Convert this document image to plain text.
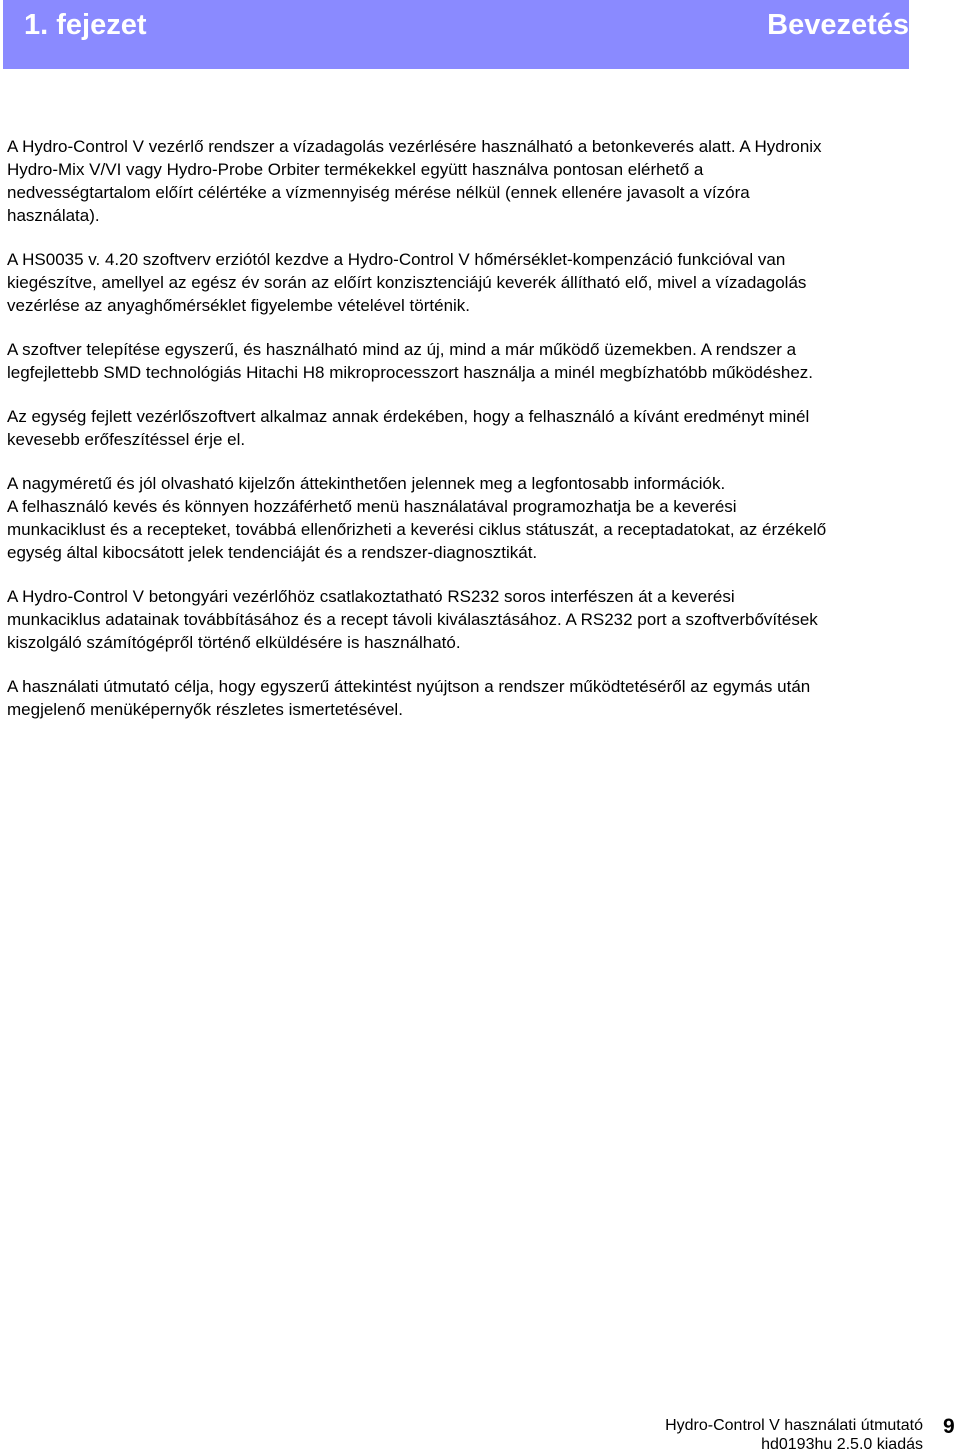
1. fejezet	Bevezetés

A Hydro-Control V vezérlő rendszer a vízadagolás vezérlésére használható a betonkeverés alatt. A Hydronix
Hydro-Mix V/VI vagy Hydro-Probe Orbiter termékekkel együtt használva pontosan elérhető a
nedvességtartalom előírt célértéke a vízmennyiség mérése nélkül (ennek ellenére javasolt a vízóra
használata).

A HS0035 v. 4.20 szoftverv erziótól kezdve a Hydro-Control V hőmérséklet-kompenzáció funkcióval van
kiegészítve, amellyel az egész év során az előírt konzisztenciájú keverék állítható elő, mivel a vízadagolás
vezérlése az anyaghőmérséklet figyelembe vételével történik.

A szoftver telepítése egyszerű, és használható mind az új, mind a már működő üzemekben. A rendszer a
legfejlettebb SMD technológiás Hitachi H8 mikroprocesszort használja a minél megbízhatóbb működéshez.

Az egység fejlett vezérlőszoftvert alkalmaz annak érdekében, hogy a felhasználó a kívánt eredményt minél
kevesebb erőfeszítéssel érje el.

A nagyméretű és jól olvasható kijelzőn áttekinthetően jelennek meg a legfontosabb információk.

A felhasználó kevés és könnyen hozzáférhető menü használatával programozhatja be a keverési
munkaciklust és a recepteket, továbbá ellenőrizheti a keverési ciklus státuszát, a receptadatokat, az érzékelő
egység által kibocsátott jelek tendenciáját és a rendszer-diagnosztikát.

A Hydro-Control V betongyári vezérlőhöz csatlakoztatható RS232 soros interfészen át a keverési
munkaciklus adatainak továbbításához és a recept távoli kiválasztásához. A RS232 port a szoftverbővítések
kiszolgáló számítógépről történő elküldésére is használható.

A használati útmutató célja, hogy egyszerű áttekintést nyújtson a rendszer működtetéséről az egymás után
megjelenő menüképernyők részletes ismertetésével.

Hydro-Control V használati útmutató
hd0193hu 2.5.0 kiadás
9
